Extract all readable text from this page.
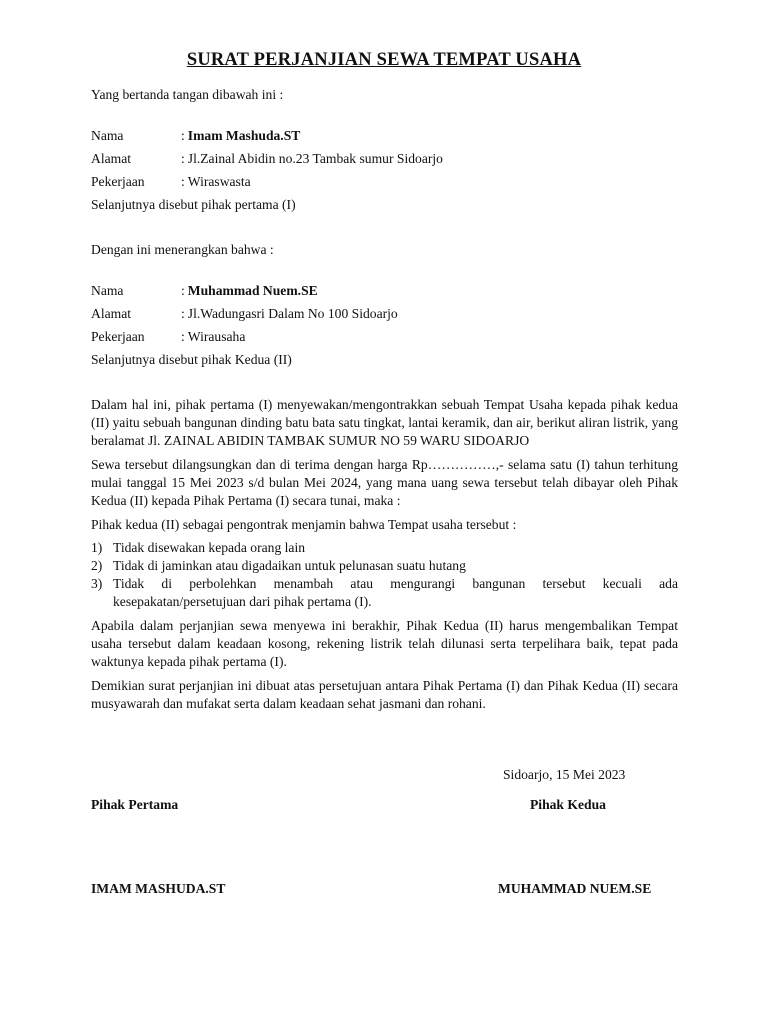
SURAT PERJANJIAN SEWA TEMPAT USAHA

Yang bertanda tangan dibawah ini :

Nama	: Imam Mashuda.ST
Alamat	: Jl.Zainal Abidin no.23 Tambak sumur Sidoarjo
Pekerjaan	: Wiraswasta

Selanjutnya disebut pihak pertama (I)

Dengan ini menerangkan bahwa :

Nama	: Muhammad Nuem.SE
Alamat	: Jl.Wadungasri Dalam No 100 Sidoarjo
Pekerjaan	: Wirausaha

Selanjutnya disebut pihak Kedua (II)

Dalam hal ini, pihak pertama (I) menyewakan/mengontrakkan sebuah Tempat Usaha kepada pihak kedua (II) yaitu sebuah bangunan dinding batu bata satu tingkat, lantai keramik, dan air, berikut aliran listrik, yang beralamat Jl. ZAINAL ABIDIN TAMBAK SUMUR NO 59 WARU SIDOARJO

Sewa tersebut dilangsungkan dan di terima dengan harga Rp……………,- selama satu (I) tahun terhitung mulai tanggal 15 Mei 2023 s/d bulan Mei 2024, yang mana uang sewa tersebut telah dibayar oleh Pihak Kedua (II) kepada Pihak Pertama (I) secara tunai, maka :

Pihak kedua (II) sebagai pengontrak menjamin bahwa Tempat usaha tersebut :

1) Tidak disewakan kepada orang lain
2) Tidak di jaminkan atau digadaikan untuk pelunasan suatu hutang
3) Tidak di perbolehkan menambah atau mengurangi bangunan tersebut kecuali ada kesepakatan/persetujuan dari pihak pertama (I).

Apabila dalam perjanjian sewa menyewa ini berakhir, Pihak Kedua (II) harus mengembalikan Tempat usaha tersebut dalam keadaan kosong, rekening listrik telah dilunasi serta terpelihara baik, tepat pada waktunya kepada pihak pertama (I).

Demikian surat perjanjian ini dibuat atas persetujuan antara Pihak Pertama (I) dan Pihak Kedua (II) secara musyawarah dan mufakat serta dalam keadaan sehat jasmani dan rohani.

Sidoarjo, 15 Mei 2023
Pihak Pertama	Pihak Kedua
IMAM MASHUDA.ST	MUHAMMAD NUEM.SE
